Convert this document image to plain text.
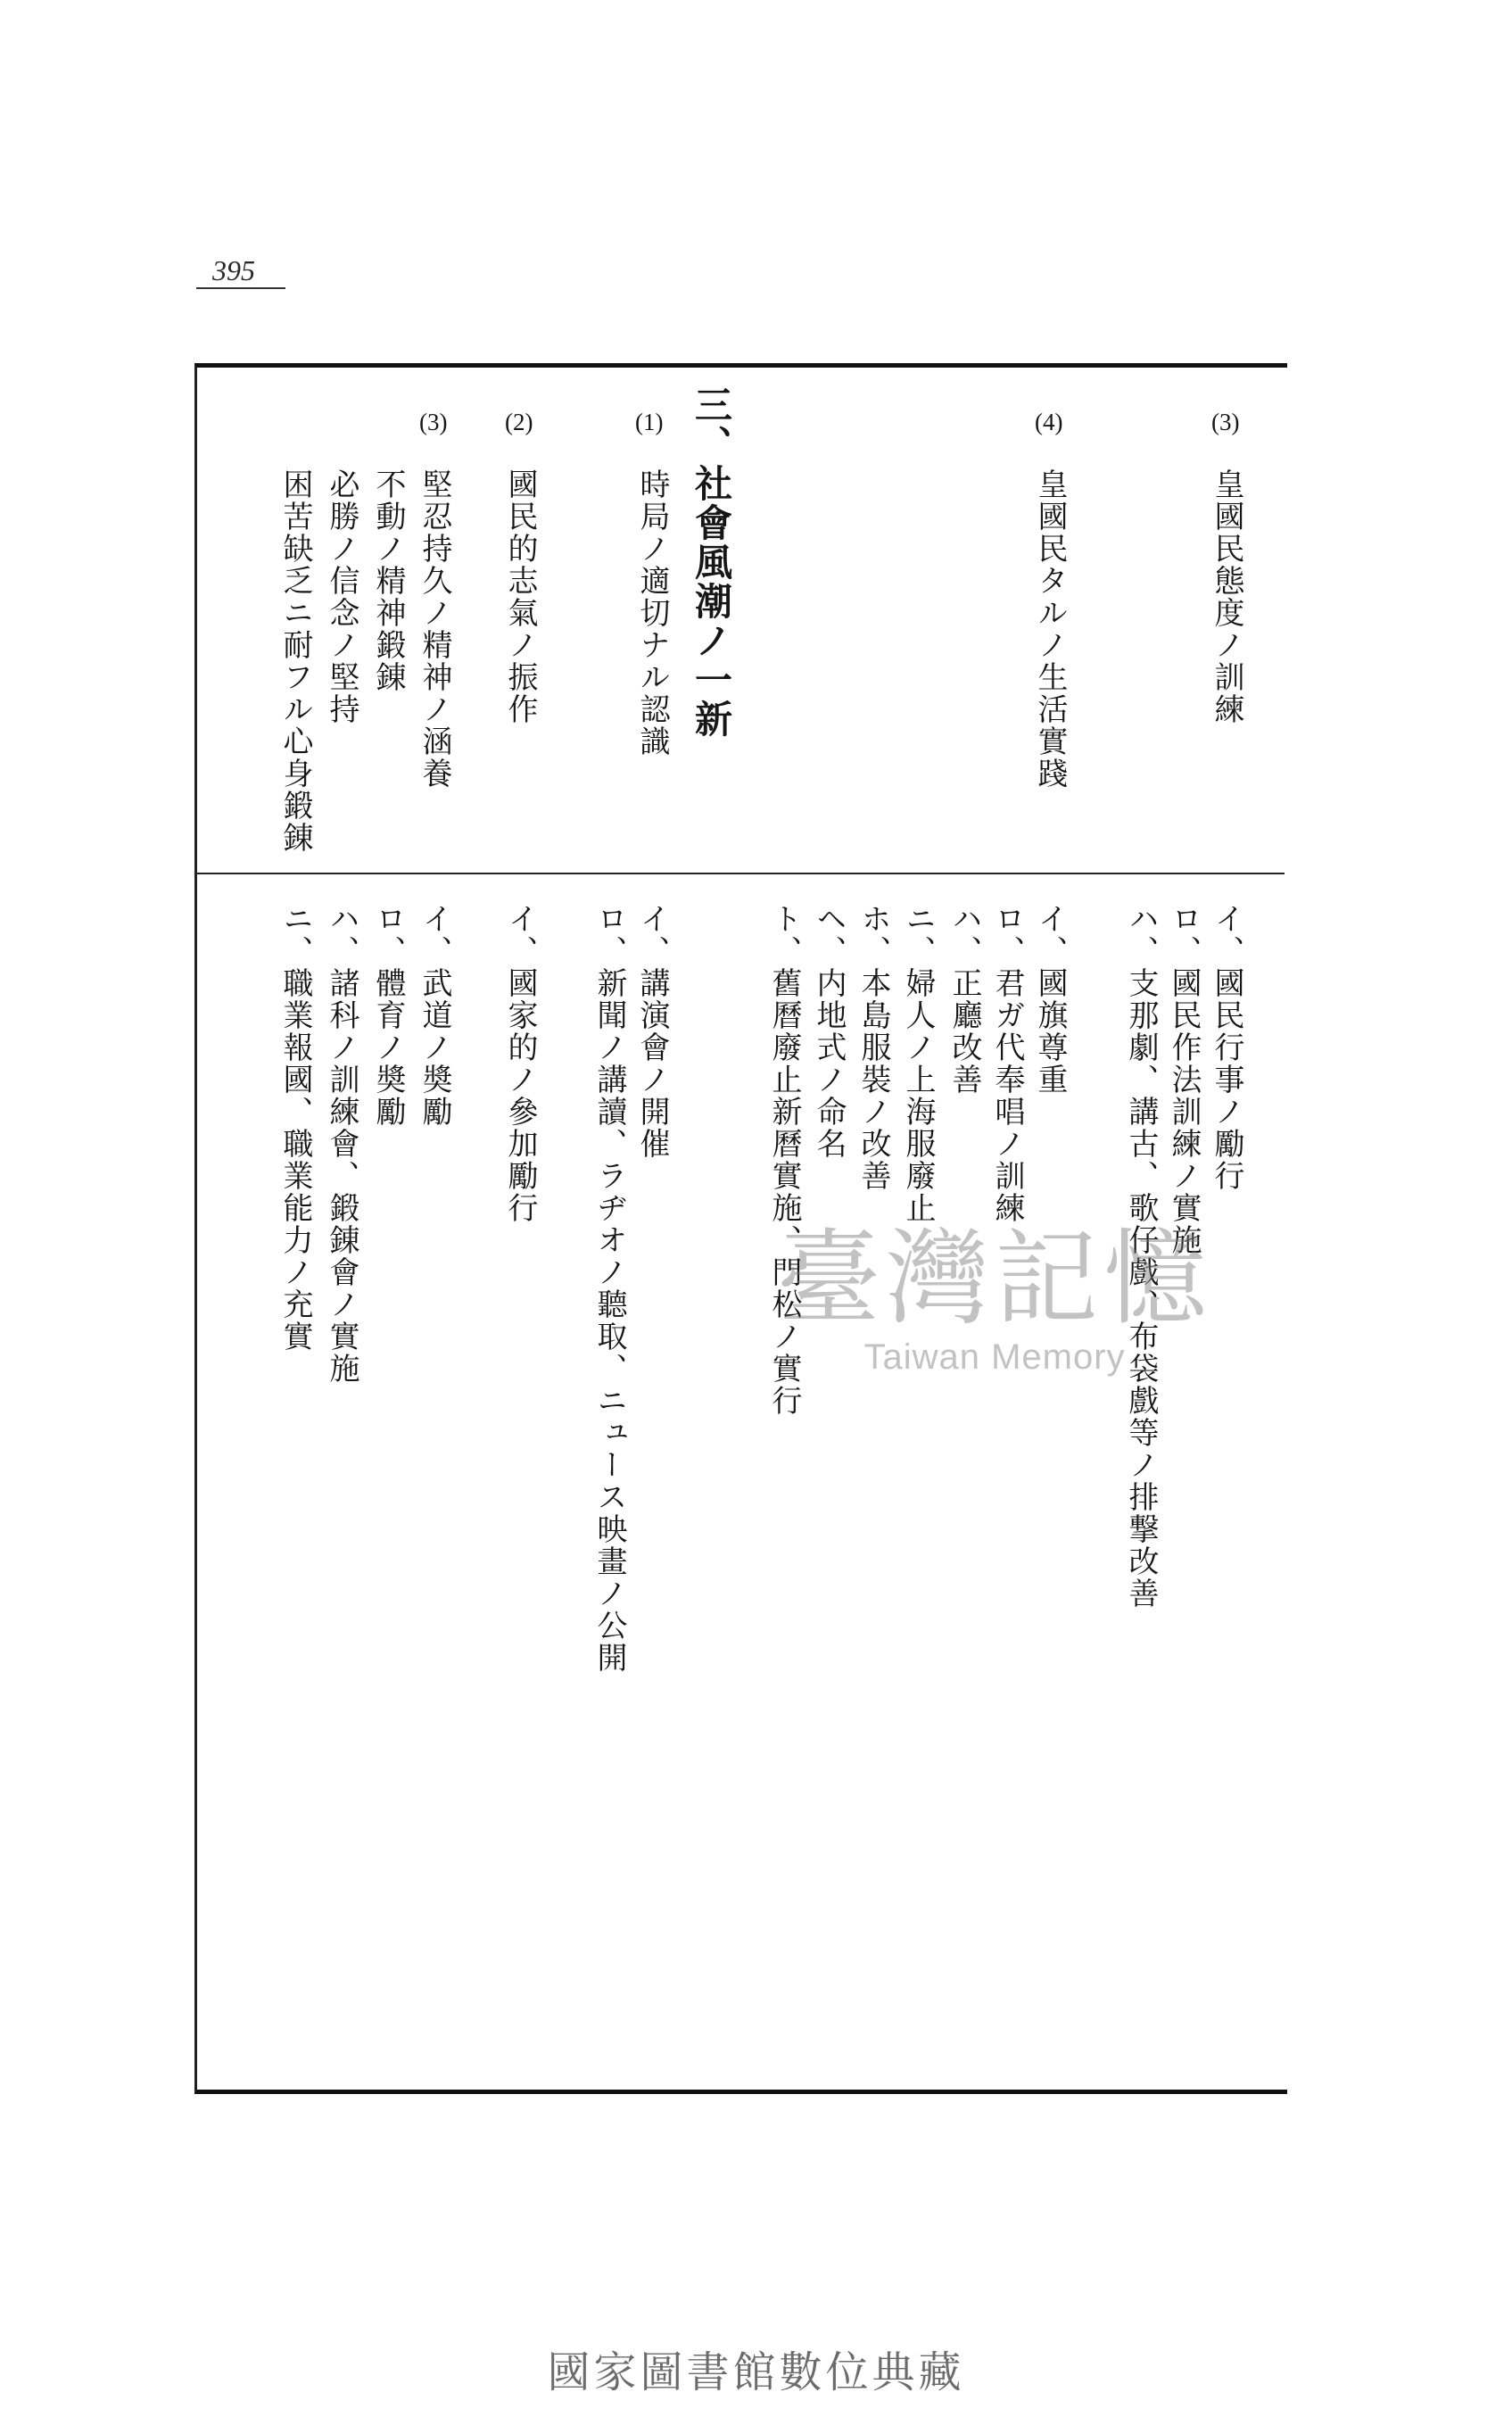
395
(3)
皇國民態度ノ訓練
(4)
皇國民タルノ生活實踐
三、社會風潮ノ一新
(1)
時局ノ適切ナル認識
(2)
國民的志氣ノ振作
(3)
堅忍持久ノ精神ノ涵養
不動ノ精神鍛錬
必勝ノ信念ノ堅持
困苦缺乏ニ耐フル心身鍛錬
イ、國民行事ノ勵行
ロ、國民作法訓練ノ實施
ハ、支那劇、講古、歌仔戲、布袋戲等ノ排撃改善
イ、國旗尊重
ロ、君ガ代奉唱ノ訓練
ハ、正廳改善
ニ、婦人ノ上海服廢止
ホ、本島服裝ノ改善
ヘ、内地式ノ命名
ト、舊曆廢止新曆實施、門松ノ實行
イ、講演會ノ開催
ロ、新聞ノ講讀、ラヂオノ聽取、ニュース映畫ノ公開
イ、國家的ノ參加勵行
イ、武道ノ奬勵
ロ、體育ノ奬勵
ハ、諸科ノ訓練會、鍛錬會ノ實施
ニ、職業報國、職業能力ノ充實	臺灣記憶
Taiwan Memory
國家圖書館數位典藏
